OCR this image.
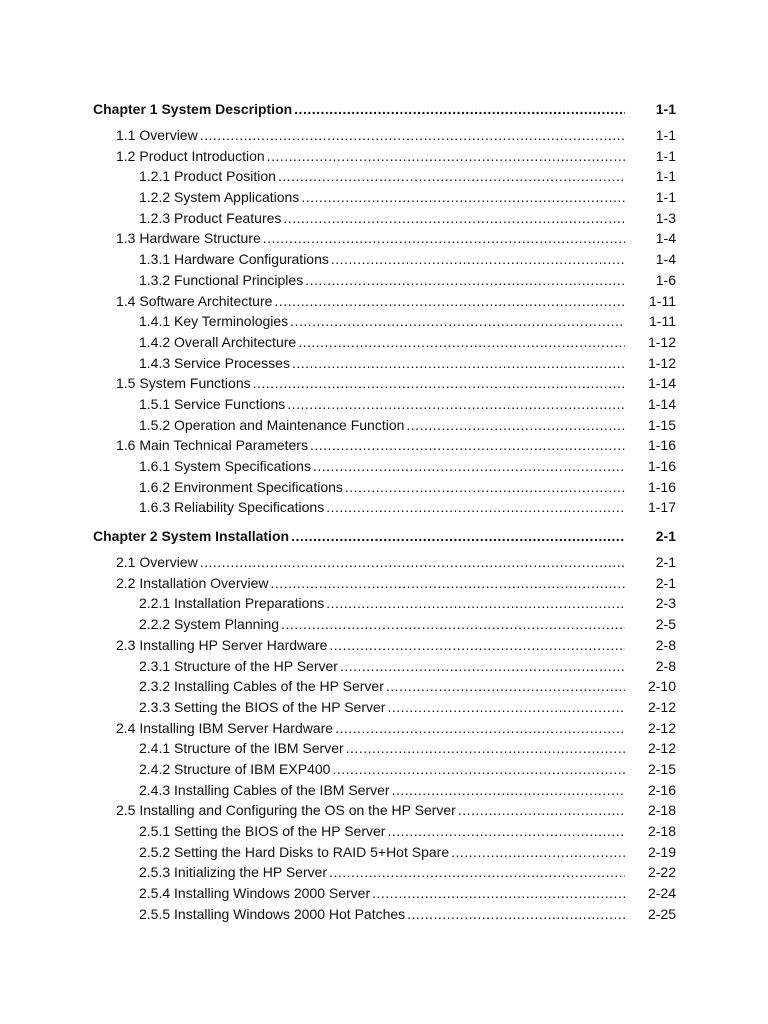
Chapter 1 System Description .....	1-1
1.1 Overview .....	1-1
1.2 Product Introduction .....	1-1
1.2.1 Product Position .....	1-1
1.2.2 System Applications .....	1-1
1.2.3 Product Features .....	1-3
1.3 Hardware Structure .....	1-4
1.3.1 Hardware Configurations .....	1-4
1.3.2 Functional Principles .....	1-6
1.4 Software Architecture .....	1-11
1.4.1 Key Terminologies .....	1-11
1.4.2 Overall Architecture .....	1-12
1.4.3 Service Processes .....	1-12
1.5 System Functions .....	1-14
1.5.1 Service Functions .....	1-14
1.5.2 Operation and Maintenance Function .....	1-15
1.6 Main Technical Parameters .....	1-16
1.6.1 System Specifications .....	1-16
1.6.2 Environment Specifications .....	1-16
1.6.3 Reliability Specifications .....	1-17
Chapter 2 System Installation .....	2-1
2.1 Overview .....	2-1
2.2 Installation Overview .....	2-1
2.2.1 Installation Preparations .....	2-3
2.2.2 System Planning .....	2-5
2.3 Installing HP Server Hardware .....	2-8
2.3.1 Structure of the HP Server .....	2-8
2.3.2 Installing Cables of the HP Server .....	2-10
2.3.3 Setting the BIOS of the HP Server .....	2-12
2.4 Installing IBM Server Hardware .....	2-12
2.4.1 Structure of the IBM Server .....	2-12
2.4.2 Structure of IBM EXP400 .....	2-15
2.4.3 Installing Cables of the IBM Server .....	2-16
2.5 Installing and Configuring the OS on the HP Server .....	2-18
2.5.1 Setting the BIOS of the HP Server .....	2-18
2.5.2 Setting the Hard Disks to RAID 5+Hot Spare .....	2-19
2.5.3 Initializing the HP Server .....	2-22
2.5.4 Installing Windows 2000 Server .....	2-24
2.5.5 Installing Windows 2000 Hot Patches .....	2-25
